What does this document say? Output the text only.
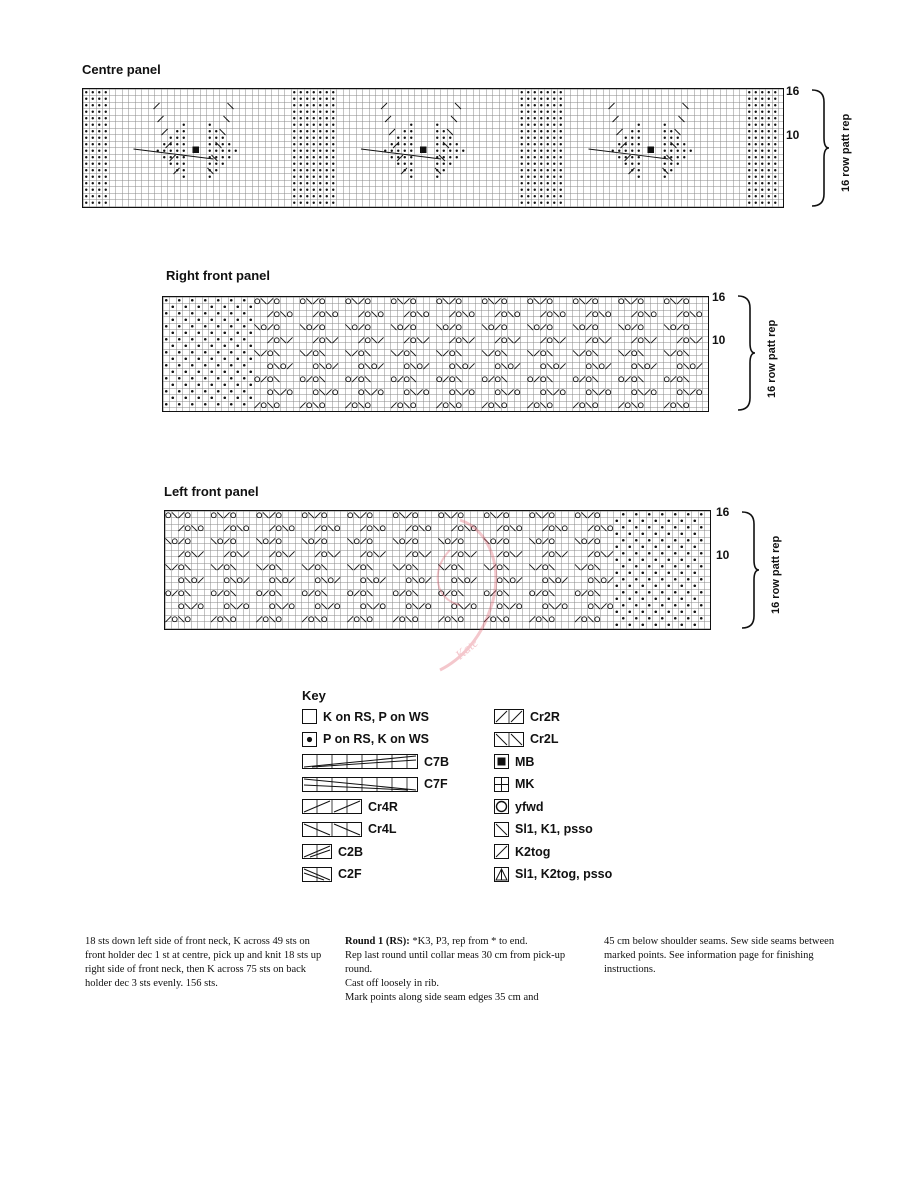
Centre panel
16
10	16 row patt rep
Right front panel
16
10	16 row patt rep
Left front panel
16
10	16 row patt rep
Kate
Key
K on RS, P on WS
P on RS, K on WS
C7B
C7F
Cr4R
Cr4L
C2B
C2F
Cr2R
Cr2L
MB
MK
yfwd
Sl1, K1, psso
K2tog
Sl1, K2tog, psso

18 sts down left side of front neck, K across 49 sts on front holder dec 1 st at centre, pick up and knit 18 sts up right side of front neck, then K across 75 sts on back holder dec 3 sts evenly. 156 sts.

Round 1 (RS): *K3, P3, rep from * to end.

Rep last round until collar meas 30 cm from pick-up round.

Cast off loosely in rib.

Mark points along side seam edges 35 cm and

45 cm below shoulder seams. Sew side seams between marked points. See information page for finishing instructions.
